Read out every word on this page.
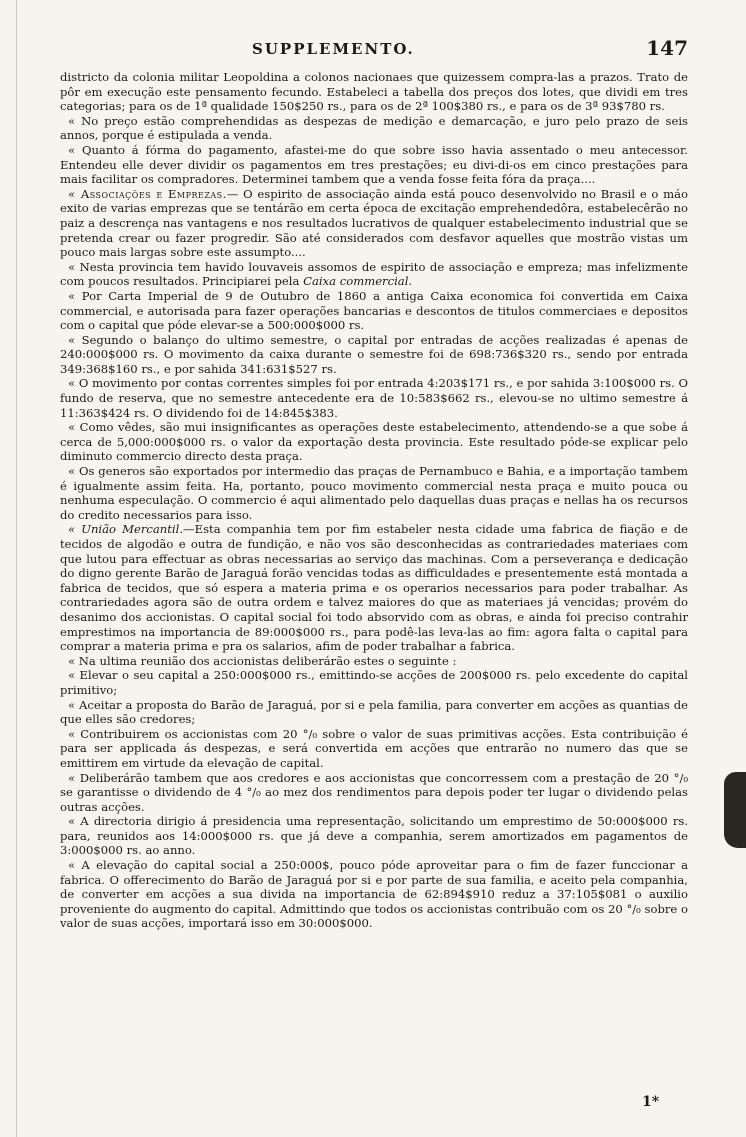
SUPPLEMENTO.	147

districto da colonia militar Leopoldina a colonos nacionaes que quizessem compra-las a prazos. Trato de pôr em execução este pensamento fecundo. Estabeleci a tabella dos preços dos lotes, que dividi em tres categorias; para os de 1ª qualidade 150$250 rs., para os de 2ª 100$380 rs., e para os de 3ª 93$780 rs.

« No preço estão comprehendidas as despezas de medição e demarcação, e juro pelo prazo de seis annos, porque é estipulada a venda.

« Quanto á fórma do pagamento, afastei-me do que sobre isso havia assentado o meu antecessor. Entendeu elle dever dividir os pagamentos em tres prestações; eu divi-di-os em cinco prestações para mais facilitar os compradores. Determinei tambem que a venda fosse feita fóra da praça....

« Associações e Emprezas.— O espirito de associação ainda está pouco desenvolvido no Brasil e o máo exito de varias emprezas que se tentárão em certa época de excitação emprehendedôra, estabelecêrão no paiz a descrença nas vantagens e nos resultados lucrativos de qualquer estabelecimento industrial que se pretenda crear ou fazer progredir. São até considerados com desfavor aquelles que mostrão vistas um pouco mais largas sobre este assumpto....

« Nesta provincia tem havido louvaveis assomos de espirito de associação e empreza; mas infelizmente com poucos resultados. Principiarei pela Caixa commercial.

« Por Carta Imperial de 9 de Outubro de 1860 a antiga Caixa economica foi convertida em Caixa commercial, e autorisada para fazer operações bancarias e descontos de titulos commerciaes e depositos com o capital que póde elevar-se a 500:000$000 rs.

« Segundo o balanço do ultimo semestre, o capital por entradas de acções realizadas é apenas de 240:000$000 rs. O movimento da caixa durante o semestre foi de 698:736$320 rs., sendo por entrada 349:368$160 rs., e por sahida 341:631$527 rs.

« O movimento por contas correntes simples foi por entrada 4:203$171 rs., e por sahida 3:100$000 rs. O fundo de reserva, que no semestre antecedente era de 10:583$662 rs., elevou-se no ultimo semestre á 11:363$424 rs. O dividendo foi de 14:845$383.

« Como vêdes, são mui insignificantes as operações deste estabelecimento, attendendo-se a que sobe á cerca de 5,000:000$000 rs. o valor da exportação desta provincia. Este resultado póde-se explicar pelo diminuto commercio directo desta praça.

« Os generos são exportados por intermedio das praças de Pernambuco e Bahia, e a importação tambem é igualmente assim feita. Ha, portanto, pouco movimento commercial nesta praça e muito pouca ou nenhuma especulação. O commercio é aqui alimentado pelo daquellas duas praças e nellas ha os recursos do credito necessarios para isso.

« União Mercantil.—Esta companhia tem por fim estabeler nesta cidade uma fabrica de fiação e de tecidos de algodão e outra de fundição, e não vos são desconhecidas as contrariedades materiaes com que lutou para effectuar as obras necessarias ao serviço das machinas. Com a perseverança e dedicação do digno gerente Barão de Jaraguá forão vencidas todas as difficuldades e presentemente está montada a fabrica de tecidos, que só espera a materia prima e os operarios necessarios para poder trabalhar. As contrariedades agora são de outra ordem e talvez maiores do que as materiaes já vencidas; provém do desanimo dos accionistas. O capital social foi todo absorvido com as obras, e ainda foi preciso contrahir emprestimos na importancia de 89:000$000 rs., para podê-las leva-las ao fim: agora falta o capital para comprar a materia prima e pra os salarios, afim de poder trabalhar a fabrica.

« Na ultima reunião dos accionistas deliberárão estes o seguinte :

« Elevar o seu capital a 250:000$000 rs., emittindo-se acções de 200$000 rs. pelo excedente do capital primitivo;

« Aceitar a proposta do Barão de Jaraguá, por si e pela familia, para converter em acções as quantias de que elles são credores;

« Contribuirem os accionistas com 20 °/₀ sobre o valor de suas primitivas acções. Esta contribuição é para ser applicada ás despezas, e será convertida em acções que entrarão no numero das que se emittirem em virtude da elevação de capital.

« Deliberárão tambem que aos credores e aos accionistas que concorressem com a prestação de 20 °/₀ se garantisse o dividendo de 4 °/₀ ao mez dos rendimentos para depois poder ter lugar o dividendo pelas outras acções.

« A directoria dirigio á presidencia uma representação, solicitando um emprestimo de 50:000$000 rs. para, reunidos aos 14:000$000 rs. que já deve a companhia, serem amortizados em pagamentos de 3:000$000 rs. ao anno.

« A elevação do capital social a 250:000$, pouco póde aproveitar para o fim de fazer funccionar a fabrica. O offerecimento do Barão de Jaraguá por si e por parte de sua familia, e aceito pela companhia, de converter em acções a sua divida na importancia de 62:894$910 reduz a 37:105$081 o auxilio proveniente do augmento do capital. Admittindo que todos os accionistas contribuão com os 20 °/₀ sobre o valor de suas acções, importará isso em 30:000$000.

1*
